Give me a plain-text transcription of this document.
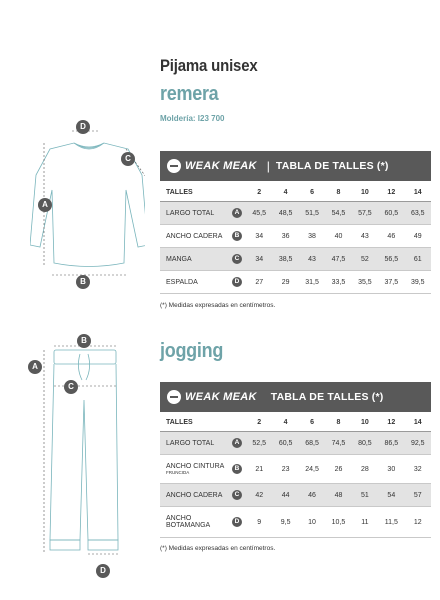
Pijama unisex
remera
Moldería: I23 700
D
C
A
B
WEAK MEAK | TABLA DE TALLES (*)
TALLES		2	4	6	8	10	12	14
LARGO TOTAL	A	45,5	48,5	51,5	54,5	57,5	60,5	63,5
ANCHO CADERA	B	34	36	38	40	43	46	49
MANGA	C	34	38,5	43	47,5	52	56,5	61
ESPALDA	D	27	29	31,5	33,5	35,5	37,5	39,5
(*) Medidas expresadas en centímetros.
jogging
B
A
C
D
WEAK MEAK TABLA DE TALLES (*)
TALLES		2	4	6	8	10	12	14
LARGO TOTAL	A	52,5	60,5	68,5	74,5	80,5	86,5	92,5
ANCHO CINTURA
FRUNCIDA	B	21	23	24,5	26	28	30	32
ANCHO CADERA	C	42	44	46	48	51	54	57
ANCHO BOTAMANGA	D	9	9,5	10	10,5	11	11,5	12
(*) Medidas expresadas en centímetros.
